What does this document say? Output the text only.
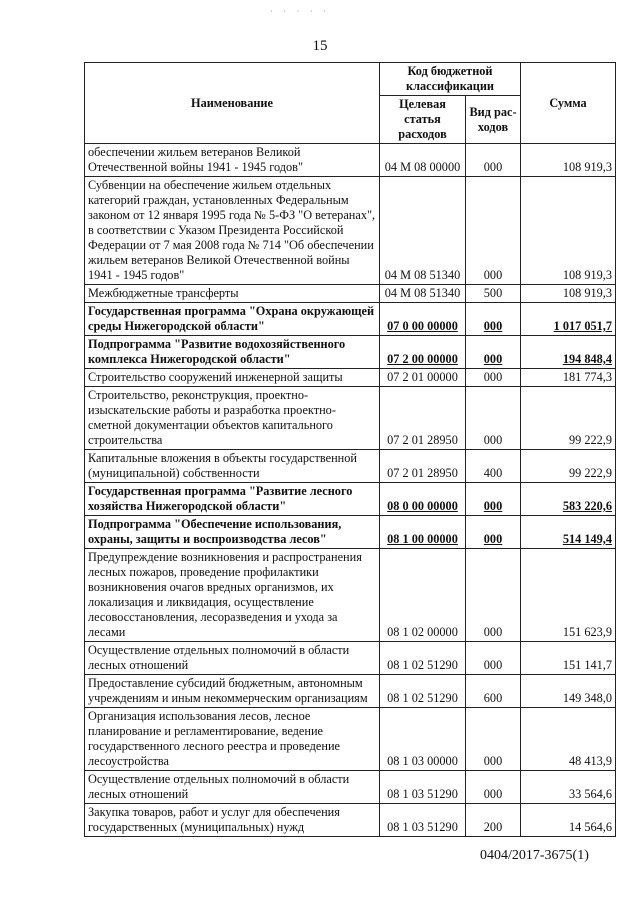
· · · · ·
15
Наименование	Код бюджетной классификации		Сумма
	Целевая статья расходов	Вид рас-ходов	
обеспечении жильем ветеранов Великой Отечественной войны 1941 - 1945 годов"	04 М 08 00000	000	108 919,3
Субвенции на обеспечение жильем отдельных категорий граждан, установленных Федеральным законом от 12 января 1995 года № 5-ФЗ "О ветеранах", в соответствии с Указом Президента Российской Федерации от 7 мая 2008 года № 714 "Об обеспечении жильем ветеранов Великой Отечественной войны 1941 - 1945 годов"	04 М 08 51340	000	108 919,3
Межбюджетные трансферты	04 М 08 51340	500	108 919,3
Государственная программа "Охрана окружающей среды Нижегородской области"	07 0 00 00000	000	1 017 051,7
Подпрограмма "Развитие водохозяйственного комплекса Нижегородской области"	07 2 00 00000	000	194 848,4
Строительство сооружений инженерной защиты	07 2 01 00000	000	181 774,3
Строительство, реконструкция, проектно-изыскательские работы и разработка проектно-сметной документации объектов капитального строительства	07 2 01 28950	000	99 222,9
Капитальные вложения в объекты государственной (муниципальной) собственности	07 2 01 28950	400	99 222,9
Государственная программа "Развитие лесного хозяйства Нижегородской области"	08 0 00 00000	000	583 220,6
Подпрограмма "Обеспечение использования, охраны, защиты и воспроизводства лесов"	08 1 00 00000	000	514 149,4
Предупреждение возникновения и распространения лесных пожаров, проведение профилактики возникновения очагов вредных организмов, их локализация и ликвидация, осуществление лесовосстановления, лесоразведения и ухода за лесами	08 1 02 00000	000	151 623,9
Осуществление отдельных полномочий в области лесных отношений	08 1 02 51290	000	151 141,7
Предоставление субсидий бюджетным, автономным учреждениям и иным некоммерческим организациям	08 1 02 51290	600	149 348,0
Организация использования лесов, лесное планирование и регламентирование, ведение государственного лесного реестра и проведение лесоустройства	08 1 03 00000	000	48 413,9
Осуществление отдельных полномочий в области лесных отношений	08 1 03 51290	000	33 564,6
Закупка товаров, работ и услуг для обеспечения государственных (муниципальных) нужд	08 1 03 51290	200	14 564,6
0404/2017-3675(1)
